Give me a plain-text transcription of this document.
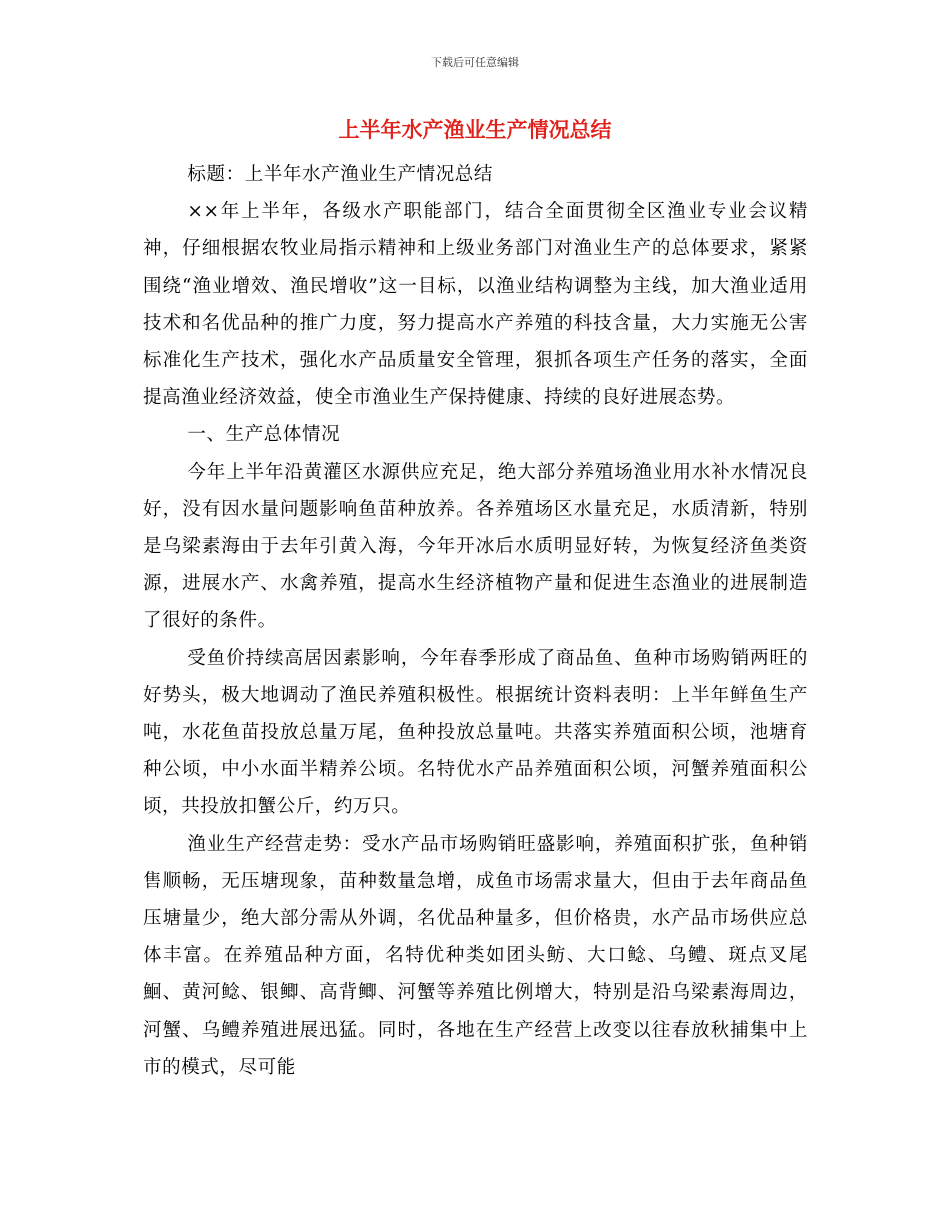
下载后可任意编辑
上半年水产渔业生产情况总结

标题：上半年水产渔业生产情况总结

××年上半年，各级水产职能部门，结合全面贯彻全区渔业专业会议精神，仔细根据农牧业局指示精神和上级业务部门对渔业生产的总体要求，紧紧围绕“渔业增效、渔民增收”这一目标，以渔业结构调整为主线，加大渔业适用技术和名优品种的推广力度，努力提高水产养殖的科技含量，大力实施无公害标准化生产技术，强化水产品质量安全管理，狠抓各项生产任务的落实，全面提高渔业经济效益，使全市渔业生产保持健康、持续的良好进展态势。

一、生产总体情况

今年上半年沿黄灌区水源供应充足，绝大部分养殖场渔业用水补水情况良好，没有因水量问题影响鱼苗种放养。各养殖场区水量充足，水质清新，特别是乌梁素海由于去年引黄入海，今年开冰后水质明显好转，为恢复经济鱼类资源，进展水产、水禽养殖，提高水生经济植物产量和促进生态渔业的进展制造了很好的条件。

受鱼价持续高居因素影响，今年春季形成了商品鱼、鱼种市场购销两旺的好势头，极大地调动了渔民养殖积极性。根据统计资料表明：上半年鲜鱼生产吨，水花鱼苗投放总量万尾，鱼种投放总量吨。共落实养殖面积公顷，池塘育种公顷，中小水面半精养公顷。名特优水产品养殖面积公顷，河蟹养殖面积公顷，共投放扣蟹公斤，约万只。

渔业生产经营走势：受水产品市场购销旺盛影响，养殖面积扩张，鱼种销售顺畅，无压塘现象，苗种数量急增，成鱼市场需求量大，但由于去年商品鱼压塘量少，绝大部分需从外调，名优品种量多，但价格贵，水产品市场供应总体丰富。在养殖品种方面，名特优种类如团头鲂、大口鲶、乌鳢、斑点叉尾鮰、黄河鲶、银鲫、高背鲫、河蟹等养殖比例增大，特别是沿乌梁素海周边，河蟹、乌鳢养殖进展迅猛。同时，各地在生产经营上改变以往春放秋捕集中上市的模式，尽可能
